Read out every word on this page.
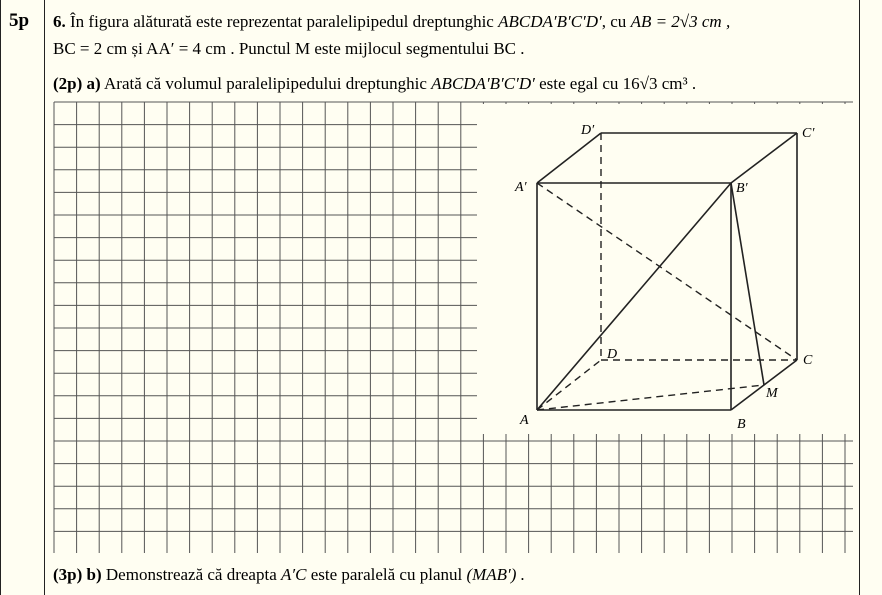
5p 6. În figura alăturată este reprezentat paralelipipedul dreptunghic ABCDA′B′C′D′, cu AB = 2√3 cm ,
BC = 2 cm și AA′ = 4 cm . Punctul M este mijlocul segmentului BC .
(2p) a) Arată că volumul paralelipipedului dreptunghic ABCDA′B′C′D′ este egal cu 16√3 cm³ .
A	B
C
D
A′	B′
C′
D′
M
(3p) b) Demonstrează că dreapta A′C este paralelă cu planul (MAB′) .
